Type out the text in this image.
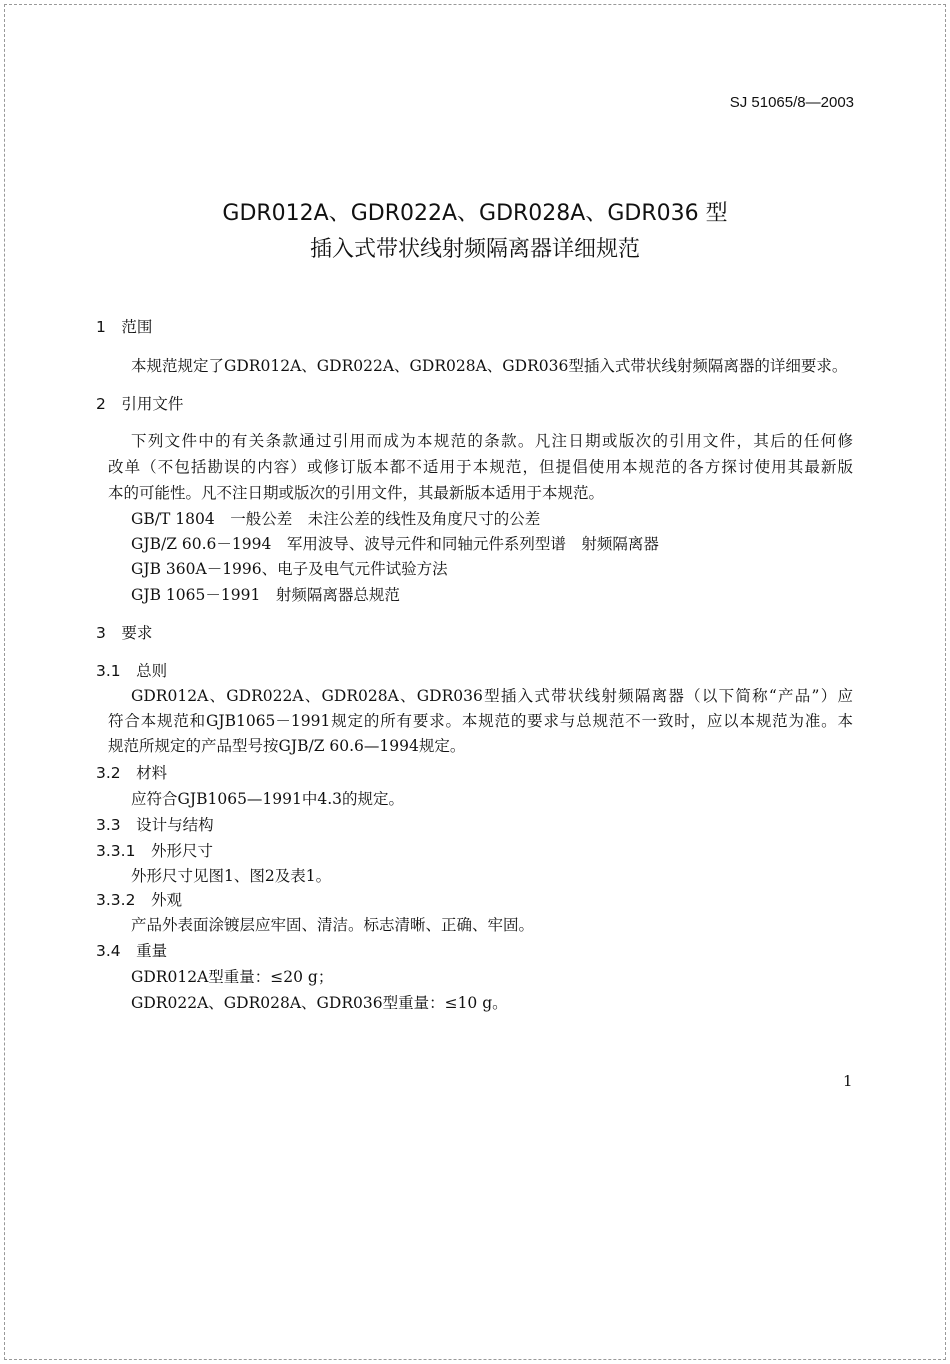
SJ 51065/8—2003
GDR012A、GDR022A、GDR028A、GDR036 型
插入式带状线射频隔离器详细规范
1　 范围
本规范规定了GDR012A、GDR022A、GDR028A、GDR036型插入式带状线射频隔离器的详细要求。
2　 引用文件
下列文件中的有关条款通过引用而成为本规范的条款。凡注日期或版次的引用文件，其后的任何修
改单（不包括勘误的内容）或修订版本都不适用于本规范，但提倡使用本规范的各方探讨使用其最新版
本的可能性。凡不注日期或版次的引用文件，其最新版本适用于本规范。
GB/T 1804　 一般公差　未注公差的线性及角度尺寸的公差
GJB/Z 60.6－1994　 军用波导、波导元件和同轴元件系列型谱　射频隔离器
GJB 360A－1996、电子及电气元件试验方法
GJB 1065－1991　 射频隔离器总规范
3　 要求
3.1　 总则
GDR012A、GDR022A、GDR028A、GDR036型插入式带状线射频隔离器（以下简称“产品”）应
符合本规范和GJB1065－1991规定的所有要求。本规范的要求与总规范不一致时，应以本规范为准。本
规范所规定的产品型号按GJB/Z 60.6—1994规定。
3.2　 材料
应符合GJB1065—1991中4.3的规定。
3.3　 设计与结构
3.3.1　 外形尺寸
外形尺寸见图1、图2及表1。
3.3.2　 外观
产品外表面涂镀层应牢固、清洁。标志清晰、正确、牢固。
3.4　 重量
GDR012A型重量：≤20 g；
GDR022A、GDR028A、GDR036型重量：≤10 g。
1
